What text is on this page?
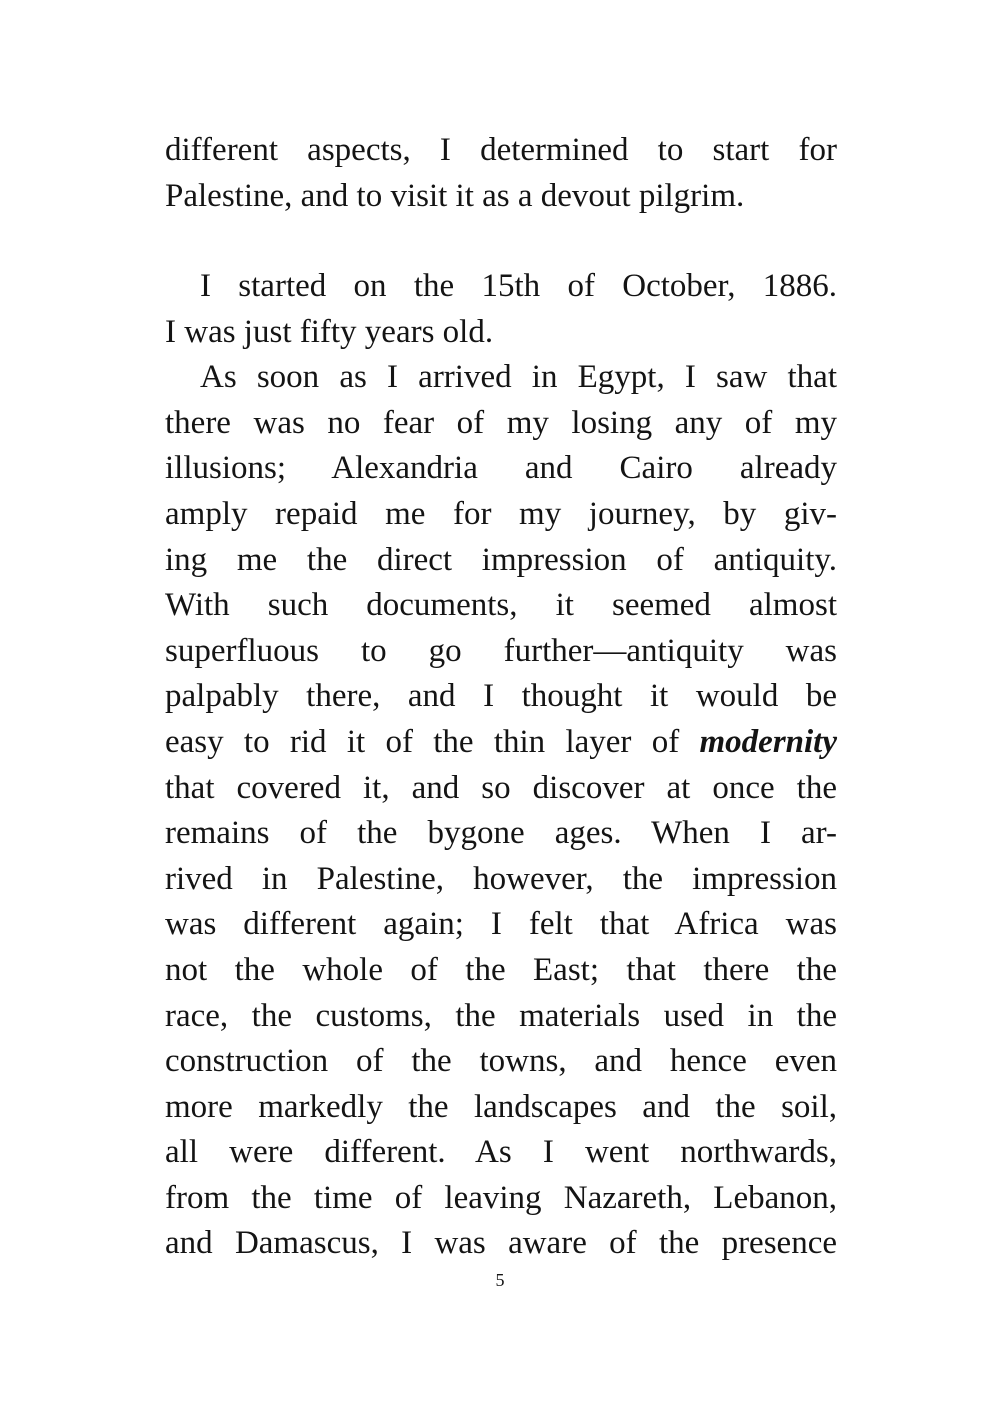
different aspects, I determined to start for
Palestine, and to visit it as a devout pilgrim.
I started on the 15th of October, 1886.
I was just fifty years old.
As soon as I arrived in Egypt, I saw that
there was no fear of my losing any of my
illusions; Alexandria and Cairo already
amply repaid me for my journey, by giv-
ing me the direct impression of antiquity.
With such documents, it seemed almost
superfluous to go further—antiquity was
palpably there, and I thought it would be
easy to rid it of the thin layer of modernity
that covered it, and so discover at once the
remains of the bygone ages. When I ar-
rived in Palestine, however, the impression
was different again; I felt that Africa was
not the whole of the East; that there the
race, the customs, the materials used in the
construction of the towns, and hence even
more markedly the landscapes and the soil,
all were different. As I went northwards,
from the time of leaving Nazareth, Lebanon,
and Damascus, I was aware of the presence
5
